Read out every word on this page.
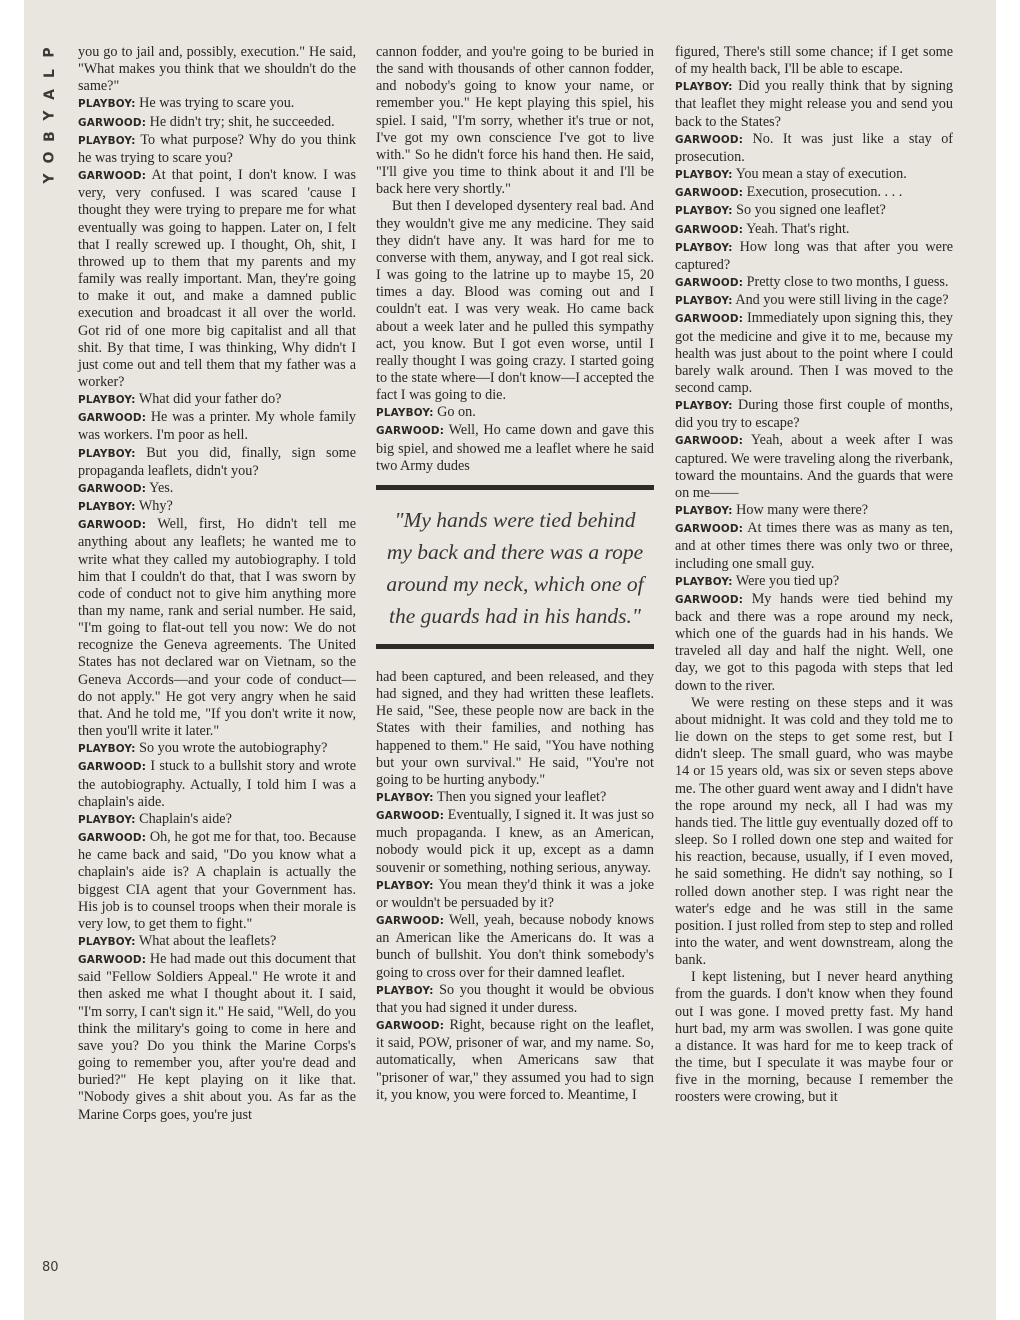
P
L
A
Y
B
O
Y

you go to jail and, possibly, execution." He said, "What makes you think that we shouldn't do the same?"

PLAYBOY: He was trying to scare you.

GARWOOD: He didn't try; shit, he succeeded.

PLAYBOY: To what purpose? Why do you think he was trying to scare you?

GARWOOD: At that point, I don't know. I was very, very confused. I was scared 'cause I thought they were trying to prepare me for what eventually was going to happen. Later on, I felt that I really screwed up. I thought, Oh, shit, I throwed up to them that my parents and my family was really important. Man, they're going to make it out, and make a damned public execution and broadcast it all over the world. Got rid of one more big capitalist and all that shit. By that time, I was thinking, Why didn't I just come out and tell them that my father was a worker?

PLAYBOY: What did your father do?

GARWOOD: He was a printer. My whole family was workers. I'm poor as hell.

PLAYBOY: But you did, finally, sign some propaganda leaflets, didn't you?

GARWOOD: Yes.

PLAYBOY: Why?

GARWOOD: Well, first, Ho didn't tell me anything about any leaflets; he wanted me to write what they called my autobiography. I told him that I couldn't do that, that I was sworn by code of conduct not to give him anything more than my name, rank and serial number. He said, "I'm going to flat-out tell you now: We do not recognize the Geneva agreements. The United States has not declared war on Vietnam, so the Geneva Accords—and your code of conduct—do not apply." He got very angry when he said that. And he told me, "If you don't write it now, then you'll write it later."

PLAYBOY: So you wrote the autobiography?

GARWOOD: I stuck to a bullshit story and wrote the autobiography. Actually, I told him I was a chaplain's aide.

PLAYBOY: Chaplain's aide?

GARWOOD: Oh, he got me for that, too. Because he came back and said, "Do you know what a chaplain's aide is? A chaplain is actually the biggest CIA agent that your Government has. His job is to counsel troops when their morale is very low, to get them to fight."

PLAYBOY: What about the leaflets?

GARWOOD: He had made out this document that said "Fellow Soldiers Appeal." He wrote it and then asked me what I thought about it. I said, "I'm sorry, I can't sign it." He said, "Well, do you think the military's going to come in here and save you? Do you think the Marine Corps's going to remember you, after you're dead and buried?" He kept playing on it like that. "Nobody gives a shit about you. As far as the Marine Corps goes, you're just

cannon fodder, and you're going to be buried in the sand with thousands of other cannon fodder, and nobody's going to know your name, or remember you." He kept playing this spiel, his spiel. I said, "I'm sorry, whether it's true or not, I've got my own conscience I've got to live with." So he didn't force his hand then. He said, "I'll give you time to think about it and I'll be back here very shortly."

But then I developed dysentery real bad. And they wouldn't give me any medicine. They said they didn't have any. It was hard for me to converse with them, anyway, and I got real sick. I was going to the latrine up to maybe 15, 20 times a day. Blood was coming out and I couldn't eat. I was very weak. Ho came back about a week later and he pulled this sympathy act, you know. But I got even worse, until I really thought I was going crazy. I started going to the state where—I don't know—I accepted the fact I was going to die.

PLAYBOY: Go on.

GARWOOD: Well, Ho came down and gave this big spiel, and showed me a leaflet where he said two Army dudes

"My hands were tied behind my back and there was a rope around my neck, which one of the guards had in his hands."

had been captured, and been released, and they had signed, and they had written these leaflets. He said, "See, these people now are back in the States with their families, and nothing has happened to them." He said, "You have nothing but your own survival." He said, "You're not going to be hurting anybody."

PLAYBOY: Then you signed your leaflet?

GARWOOD: Eventually, I signed it. It was just so much propaganda. I knew, as an American, nobody would pick it up, except as a damn souvenir or something, nothing serious, anyway.

PLAYBOY: You mean they'd think it was a joke or wouldn't be persuaded by it?

GARWOOD: Well, yeah, because nobody knows an American like the Americans do. It was a bunch of bullshit. You don't think somebody's going to cross over for their damned leaflet.

PLAYBOY: So you thought it would be obvious that you had signed it under duress.

GARWOOD: Right, because right on the leaflet, it said, POW, prisoner of war, and my name. So, automatically, when Americans saw that "prisoner of war," they assumed you had to sign it, you know, you were forced to. Meantime, I

figured, There's still some chance; if I get some of my health back, I'll be able to escape.

PLAYBOY: Did you really think that by signing that leaflet they might release you and send you back to the States?

GARWOOD: No. It was just like a stay of prosecution.

PLAYBOY: You mean a stay of execution.

GARWOOD: Execution, prosecution. . . .

PLAYBOY: So you signed one leaflet?

GARWOOD: Yeah. That's right.

PLAYBOY: How long was that after you were captured?

GARWOOD: Pretty close to two months, I guess.

PLAYBOY: And you were still living in the cage?

GARWOOD: Immediately upon signing this, they got the medicine and give it to me, because my health was just about to the point where I could barely walk around. Then I was moved to the second camp.

PLAYBOY: During those first couple of months, did you try to escape?

GARWOOD: Yeah, about a week after I was captured. We were traveling along the riverbank, toward the mountains. And the guards that were on me——

PLAYBOY: How many were there?

GARWOOD: At times there was as many as ten, and at other times there was only two or three, including one small guy.

PLAYBOY: Were you tied up?

GARWOOD: My hands were tied behind my back and there was a rope around my neck, which one of the guards had in his hands. We traveled all day and half the night. Well, one day, we got to this pagoda with steps that led down to the river.

We were resting on these steps and it was about midnight. It was cold and they told me to lie down on the steps to get some rest, but I didn't sleep. The small guard, who was maybe 14 or 15 years old, was six or seven steps above me. The other guard went away and I didn't have the rope around my neck, all I had was my hands tied. The little guy eventually dozed off to sleep. So I rolled down one step and waited for his reaction, because, usually, if I even moved, he said something. He didn't say nothing, so I rolled down another step. I was right near the water's edge and he was still in the same position. I just rolled from step to step and rolled into the water, and went downstream, along the bank.

I kept listening, but I never heard anything from the guards. I don't know when they found out I was gone. I moved pretty fast. My hand hurt bad, my arm was swollen. I was gone quite a distance. It was hard for me to keep track of the time, but I speculate it was maybe four or five in the morning, because I remember the roosters were crowing, but it

80
